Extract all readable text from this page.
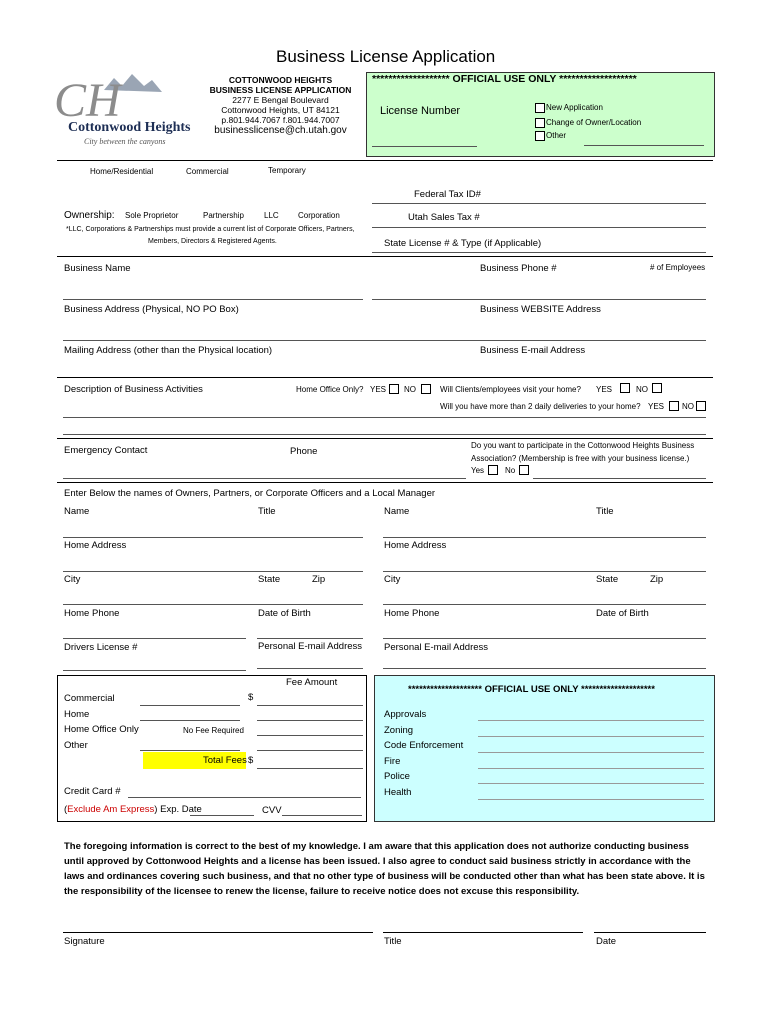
Business License Application
CH
Cottonwood Heights
City between the canyons
COTTONWOOD HEIGHTS
BUSINESS LICENSE APPLICATION
2277 E Bengal Boulevard
Cottonwood Heights, UT 84121
p.801.944.7067 f.801.944.7007
businesslicense@ch.utah.gov
******************* OFFICIAL USE ONLY *******************
License Number	New Application
Change of Owner/Location
Other
Home/Residential	Commercial	Temporary
Federal Tax ID#
Utah Sales Tax #
State License # & Type (if Applicable)
Ownership: Sole Proprietor	Partnership	LLC Corporation
*LLC, Corporations & Partnerships must provide a current list of Corporate Officers, Partners,
Members, Directors & Registered Agents.
Business Name	Business Phone #	# of Employees
Business Address (Physical, NO PO Box)	Business WEBSITE Address
Mailing Address (other than the Physical location)	Business E-mail Address
Description of Business Activities	Home Office Only? YES NO	Will Clients/employees visit your home? YES	NO
Will you have more than 2 daily deliveries to your home? YES NO
Emergency Contact	Phone
Do you want to participate in the Cottonwood Heights Business
Association? (Membership is free with your business license.)
Yes	No
Enter Below the names of Owners, Partners, or Corporate Officers and a Local Manager
Name	Title	Name	Title
Home Address	Home Address
City	State	Zip	City	State	Zip
Home Phone	Date of Birth	Home Phone	Date of Birth
Drivers License #	Personal E-mail Address Personal E-mail Address
Fee Amount
Commercial	$
Home
Home Office Only	No Fee Required
Other
Total Fees $
Credit Card #
(Exclude Am Express) Exp. Date	CVV
******************** OFFICIAL USE ONLY ********************
Approvals
Zoning
Code Enforcement
Fire
Police
Health
The foregoing information is correct to the best of my knowledge. I am aware that this application does not authorize conducting business until approved by Cottonwood Heights and a license has been issued. I also agree to conduct said business strictly in accordance with the laws and ordinances covering such business, and that no other type of business will be conducted other than what has been state above. It is the responsibility of the licensee to renew the license, failure to receive notice does not excuse this responsibility.
Signature	Title	Date
